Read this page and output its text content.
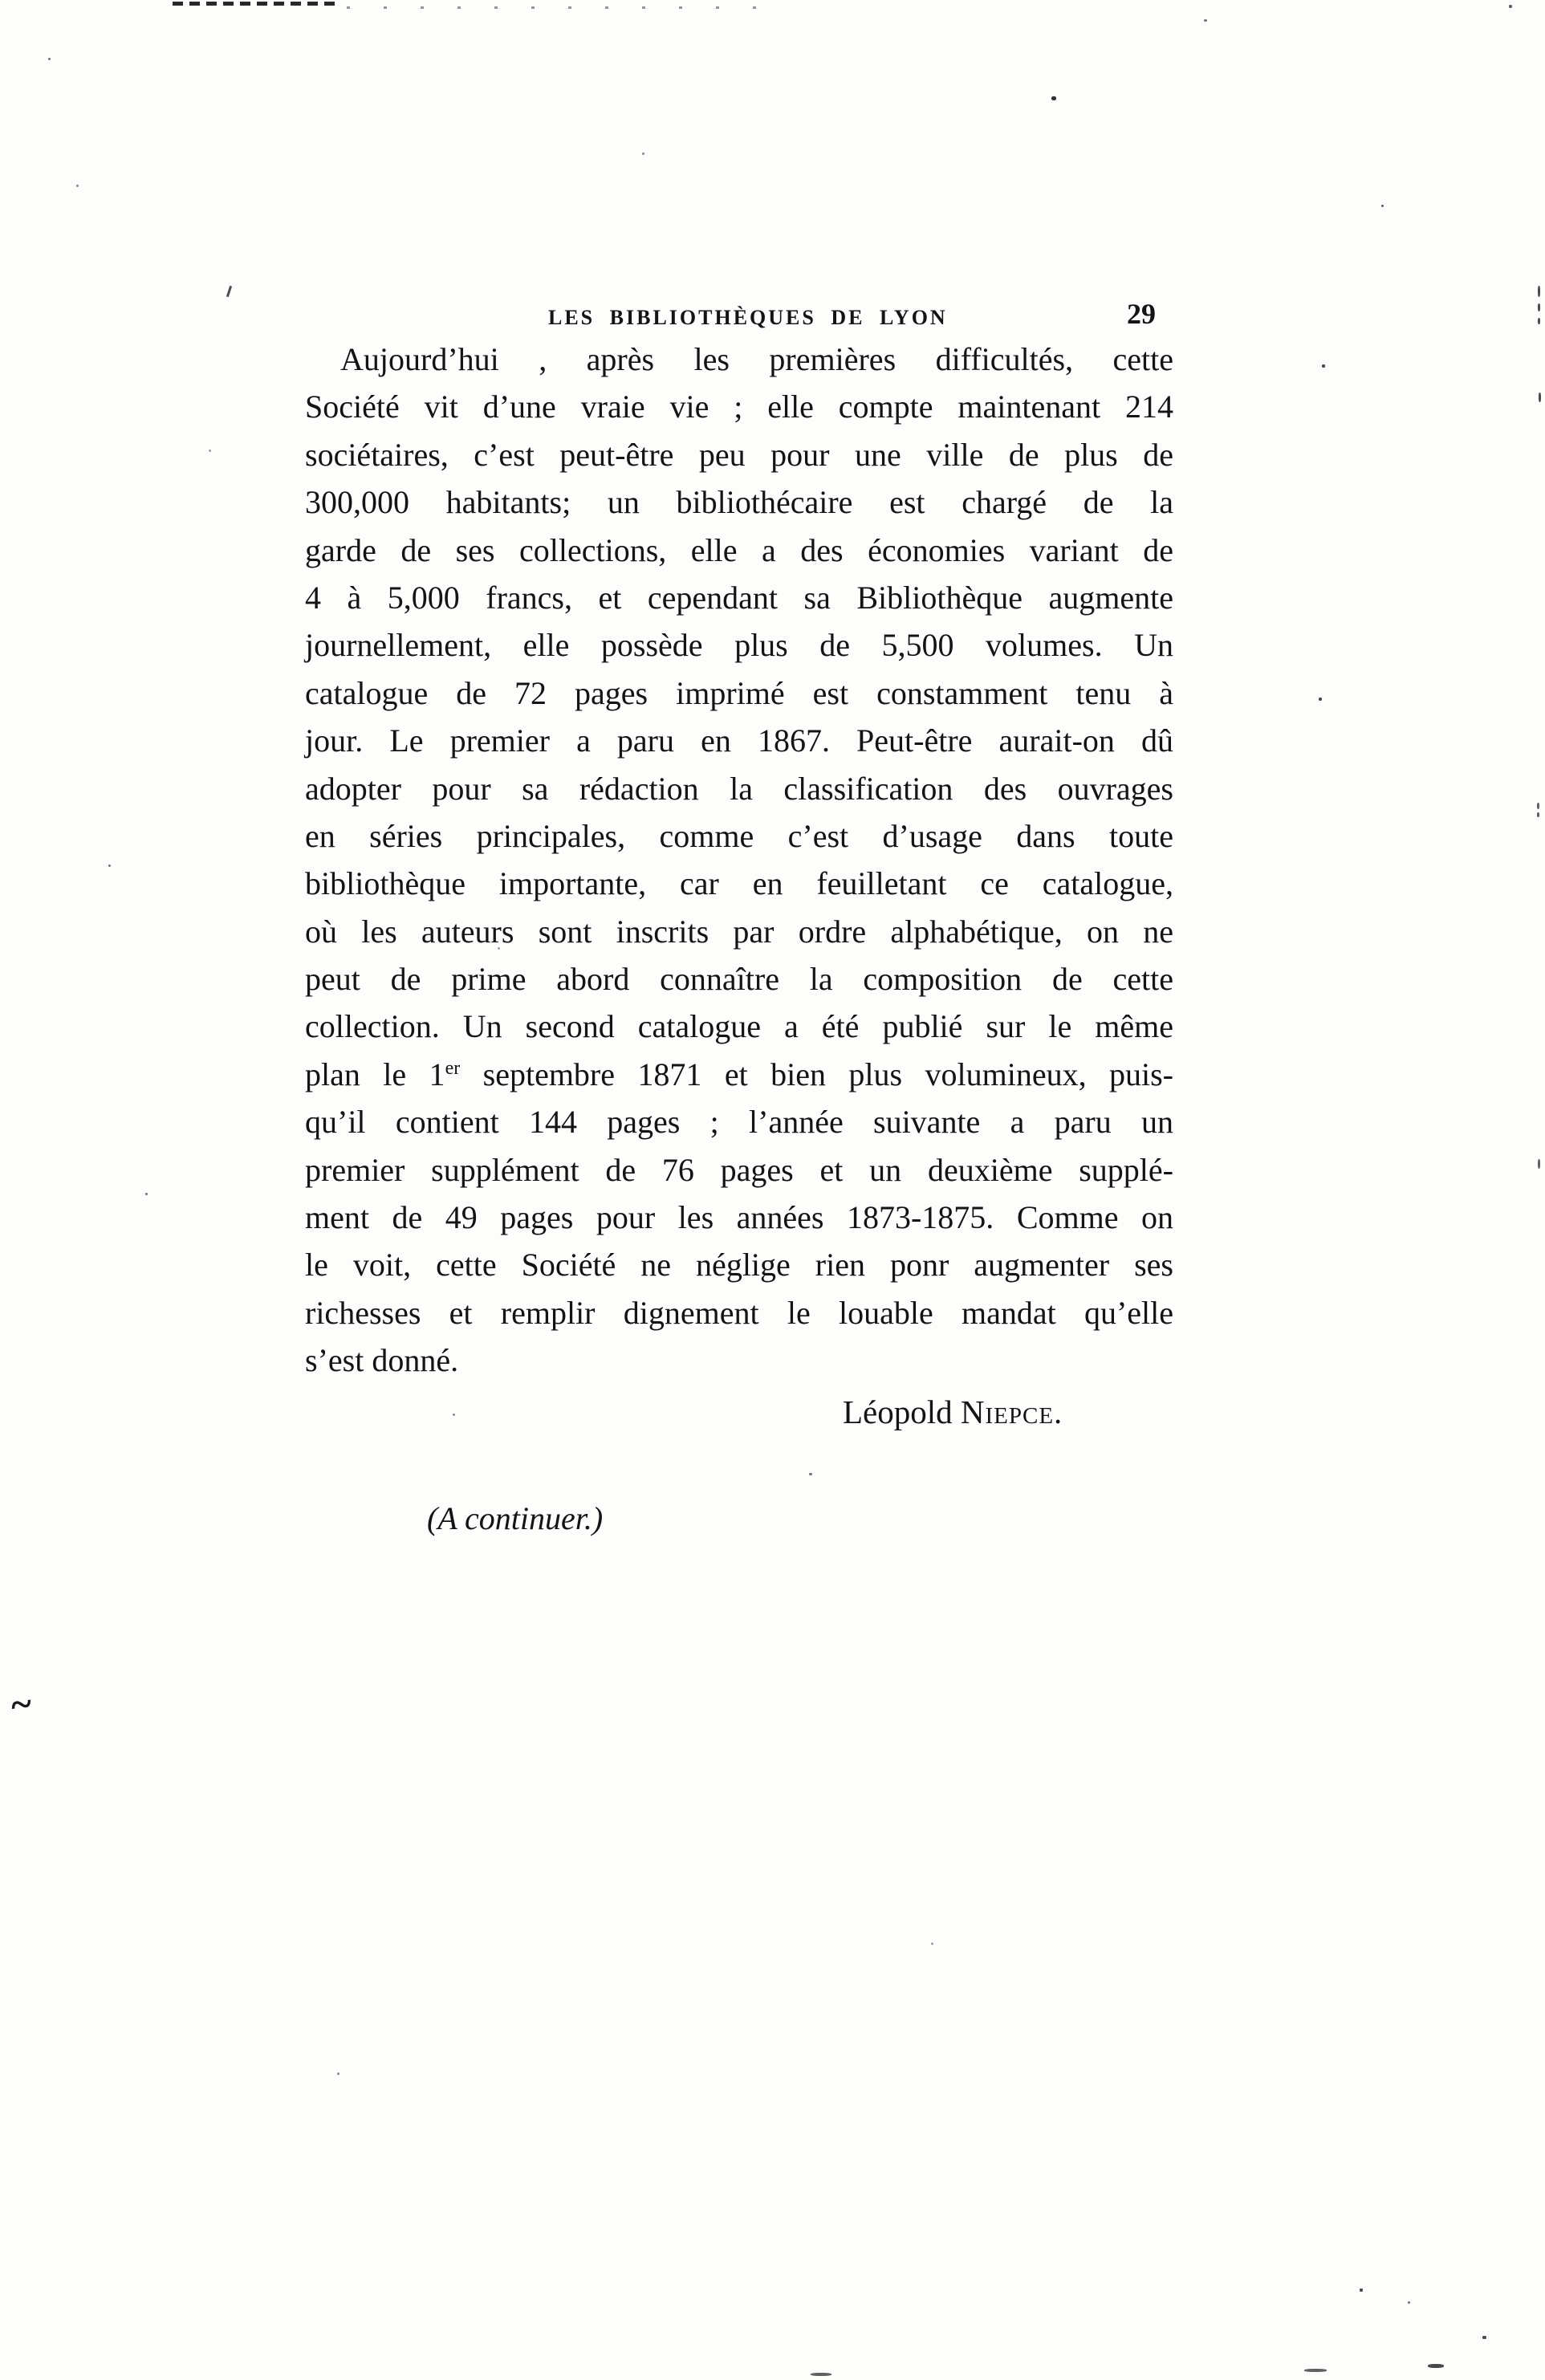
~
LES BIBLIOTHÈQUES DE LYON	29
Aujourd’hui , après les premières difficultés, cette
Société vit d’une vraie vie ; elle compte maintenant 214
sociétaires, c’est peut-être peu pour une ville de plus de
300,000 habitants; un bibliothécaire est chargé de la
garde de ses collections, elle a des économies variant de
4 à 5,000 francs, et cependant sa Bibliothèque augmente
journellement, elle possède plus de 5,500 volumes. Un
catalogue de 72 pages imprimé est constamment tenu à
jour. Le premier a paru en 1867. Peut-être aurait-on dû
adopter pour sa rédaction la classification des ouvrages
en séries principales, comme c’est d’usage dans toute
bibliothèque importante, car en feuilletant ce catalogue,
où les auteurs sont inscrits par ordre alphabétique, on ne
peut de prime abord connaître la composition de cette
collection. Un second catalogue a été publié sur le même
plan le 1er septembre 1871 et bien plus volumineux, puis-
qu’il contient 144 pages ; l’année suivante a paru un
premier supplément de 76 pages et un deuxième supplé-
ment de 49 pages pour les années 1873-1875. Comme on
le voit, cette Société ne néglige rien ponr augmenter ses
richesses et remplir dignement le louable mandat qu’elle
s’est donné.
Léopold Niepce.
(A continuer.)
